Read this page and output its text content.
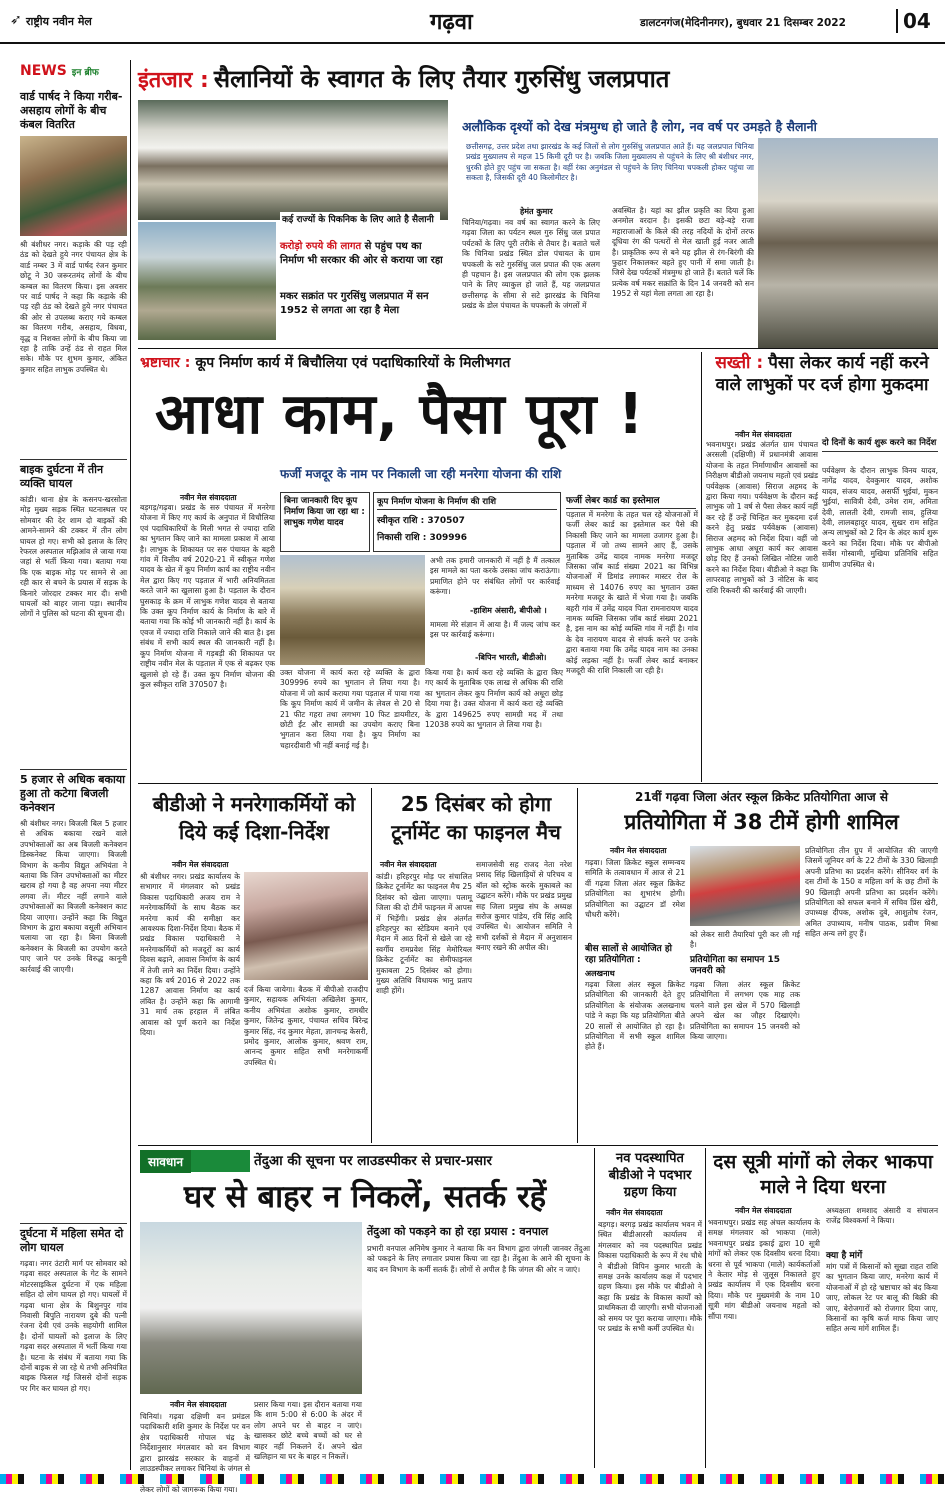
➶ राष्ट्रीय नवीन मेल	गढ़वा	डालटनगंज(मेदिनीनगर), बुधवार 21 दिसम्बर 2022	04
NEWS इन ब्रीफ
वार्ड पार्षद ने किया गरीब-असहाय लोगों के बीच कंबल वितरित
श्री बंशीधर नगर। कड़ाके की पड़ रही ठंड को देखते हुये नगर पंचायत क्षेत्र के वार्ड नम्बर 3 में वार्ड पार्षद रंजन कुमार छोटू ने 30 जरूरतमंद लोगों के बीच कम्बल का वितरण किया। इस अवसर पर वार्ड पार्षद ने कहा कि कड़ाके की पड़ रही ठंड को देखते हुये नगर पंचायत की ओर से उपलब्ध कराए गये कम्बल का वितरण गरीब, असहाय, विधवा, वृद्ध व निशक्त लोगों के बीच किया जा रहा है ताकि उन्हें ठंड से राहत मिल सके। मौके पर शुभम कुमार, अंकित कुमार सहित लाभुक उपस्थित थे।
बाइक दुर्घटना में तीन व्यक्ति घायल
कांडी। थाना क्षेत्र के कसनप-खरसोता मोड़ मुख्य सड़क स्थित घटनास्थल पर सोमवार की देर शाम दो बाइकों की आमने-सामने की टक्कर में तीन लोग घायल हो गए। सभी को इलाज के लिए रेफरल अस्पताल मझिआंव ले जाया गया जहां से भर्ती किया गया। बताया गया कि एक बाइक मोड़ पर सामने से आ रही कार से बचने के प्रयास में सड़क के किनारे जोरदार टक्कर मार दी। सभी घायलों को बाहर जाना पड़ा। स्थानीय लोगों ने पुलिस को घटना की सूचना दी।
5 हजार से अधिक बकाया हुआ तो कटेगा बिजली कनेक्शन
श्री बंशीधर नगर। बिजली बिल 5 हजार से अधिक बकाया रखने वाले उपभोक्ताओं का अब बिजली कनेक्शन डिस्कनेक्ट किया जाएगा। बिजली विभाग के कनीय विद्युत अभियंता ने बताया कि जिन उपभोक्ताओं का मीटर खराब हो गया है वह अपना नया मीटर लगवा लें। मीटर नहीं लगाने वाले उपभोक्ताओं का बिजली कनेक्शन काट दिया जाएगा। उन्होंने कहा कि विद्युत विभाग के द्वारा बकाया वसूली अभियान चलाया जा रहा है। बिना बिजली कनेक्शन के बिजली का उपयोग करते पाए जाने पर उनके विरुद्ध कानूनी कार्रवाई की जाएगी।
दुर्घटना में महिला समेत दो लोग घायल
गढ़वा। नगर उंटारी मार्ग पर सोमवार को गढ़वा सदर अस्पताल के गेट के सामने मोटरसाइकिल दुर्घटना में एक महिला सहित दो लोग घायल हो गए। घायलों में गढ़वा थाना क्षेत्र के बिशुनपुर गांव निवासी बिपुति नारायण दुबे की पत्नी रंजना देवी एवं उनके सहयोगी शामिल है। दोनों घायलों को इलाज के लिए गढ़वा सदर अस्पताल में भर्ती किया गया है। घटना के संबंध में बताया गया कि दोनों बाइक से जा रहे थे तभी अनियंत्रित बाइक फिसल गई जिससे दोनों सड़क पर गिर कर घायल हो गए।
इंतजार : सैलानियों के स्वागत के लिए तैयार गुरुसिंधु जलप्रपात
अलौकिक दृश्यों को देख मंत्रमुग्ध हो जाते है लोग, नव वर्ष पर उमड़ते है सैलानी
कई राज्यों के पिकनिक के लिए आते है सैलानी
करोड़ो रुपये की लागत से पहुंच पथ का निर्माण भी सरकार की ओर से कराया जा रहा
मकर सक्रांत पर गुरसिंधु जलप्रपात में सन 1952 से लगता आ रहा है मेला
छत्तीसगढ़, उत्तर प्रदेश तथा झारखंड के कई जिलों से लोग गुरुसिंधु जलप्रपात आते हैं। यह जलप्रपात चिनिया प्रखंड मुख्यालय से महज 15 किमी दूरी पर है। जबकि जिला मुख्यालय से पहुंचने के लिए श्री बंशीधर नगर, धुरकी होते हुए पहुंच जा सकता है। वहीं रंका अनुमंडल से पहुंचने के लिए चिनिया चपकली होकर पहुंचा जा सकता है, जिसकी दूरी 40 किलोमीटर है।
हेमंत कुमार
चिनिया/गढ़वा। नव वर्ष का स्वागत करने के लिए गढ़वा जिला का पर्यटन स्थल गुरु सिंधु जल प्रपात पर्यटकों के लिए पूरी तरीके से तैयार है। बताते चलें कि चिनिया प्रखंड स्थित डोल पंचायत के ग्राम चपकली के सटे गुरुसिंधु जल प्रपात की एक अलग ही पहचान है। इस जलप्रपात की लोग एक झलक पाने के लिए व्याकुल हो जाते हैं, यह जलप्रपात छत्तीसगढ़ के सीमा से सटे झारखंड के चिनिया प्रखंड के डोल पंचायत के चपकली के जंगलों में
अवस्थित है। यहां का झील प्रकृति का दिया हुआ अनमोल वरदान है। इसकी छटा बड़े-बड़े राजा महाराजाओं के किले की तरह नदियों के दोनों तरफ दूधिया रंग की पत्थरों से मेल खाती हुई नजर आती है। प्राकृतिक रूप से बने यह झील से रंग-बिरंगी की फुहार निकालकर बहते हुए पानी में समा जाती है। जिसे देख पर्यटकों मंत्रमुग्ध हो जाते हैं। बताते चलें कि प्रत्येक वर्ष मकर सक्रांति के दिन 14 जनवरी को सन 1952 से यहां मेला लगता आ रहा है।
भ्रष्टाचार : कूप निर्माण कार्य में बिचौलिया एवं पदाधिकारियों के मिलीभगत
आधा काम, पैसा पूरा !
फर्जी मजदूर के नाम पर निकाली जा रही मनरेगा योजना की राशि
नवीन मेल संवाददाता
बड़गड़/गढ़वा। प्रखंड के सरु पंचायत में मनरेगा योजना में किए गए कार्य के अनुपात में विचौलिया एवं पदाधिकारियों के मिली भगत से ज्यादा राशि का भुगतान किए जाने का मामला प्रकाश में आया है। लाभुक के शिकायत पर सरु पंचायत के बहरी गांव में वित्तीय वर्ष 2020-21 में स्वीकृत गणेश यादव के खेत में कूप निर्माण कार्य का राष्ट्रीय नवीन मेल द्वारा किए गए पड़ताल में भारी अनियमितता करते जाने का खुलासा हुआ है। पड़ताल के दौरान घुसकाड़ के क्रम में लाभुक गणेश यादव से बताया कि उक्त कूप निर्माण कार्य के निर्माण के बारे में बताया गया कि कोई भी जानकारी नहीं है। कार्य के एवज में ज्यादा राशि निकाले जाने की बात है। इस संबंध में सभी कार्य स्थल की जानकारी नहीं है। कूप निर्माण योजना में गड़बड़ी की शिकायत पर राष्ट्रीय नवीन मेल के पड़ताल में एक से बढ़कर एक खुलासे हो रहे हैं। उक्त कूप निर्माण योजना की कुल स्वीकृत राशि 370507 है।
बिना जानकारी दिए कूप निर्माण किया जा रहा था : लाभुक गणेश यादव
कूप निर्माण योजना के निर्माण की राशि
स्वीकृत राशि : 370507
निकासी राशि : 309996
अभी तक हमारी जानकारी में नहीं है मैं तत्काल इस मामले का पता करके उसका जांच कराऊंगा। प्रमाणित होने पर संबंधित लोगों पर कार्रवाई करूंगा।
-हाशिम अंसारी, बीपीओ ।
मामला मेरे संज्ञान में आया है। मैं जल्द जांच कर इस पर कार्रवाई करूंगा।
-बिपिन भारती, बीडीओ।
उक्त योजना में कार्य करा रहे व्यक्ति के द्वारा 309996 रुपये का भुगतान ले लिया गया है। योजना में जो कार्य कराया गया पड़ताल में पाया गया कि कूप निर्माण कार्य में जमीन के लेवल से 20 से 21 फीट गहरा तथा लगभग 10 फिट डायमीटर, छोटी ईंट और सामग्री का उपयोग कराए बिना भुगतान करा लिया गया है। कूप निर्माण का चहारदीवारी भी नहीं बनाई गई है।
किया गया है। कार्य करा रहे व्यक्ति के द्वारा किए गए कार्य के मुताबिक एक लाख से अधिक की राशि का भुगतान लेकर कूप निर्माण कार्य को अधूरा छोड़ दिया गया है। उक्त योजना में कार्य करा रहे व्यक्ति के द्वारा 149625 रुपए सामग्री मद में तथा 12038 रुपये का भुगतान ले लिया गया है।
फर्जी लेबर कार्ड का इस्तेमाल
पड़ताल में मनरेगा के तहत चल रहे योजनाओं में फर्जी लेबर कार्ड का इस्तेमाल कर पैसे की निकासी किए जाने का मामला उजागर हुआ है। पड़ताल में जो तथ्य सामने आए हैं, उसके मुताबिक उमेंद्र यादव नामक मनरेगा मजदूर जिसका जॉब कार्ड संख्या 2021 का विभिन्न योजनाओं में डिमांड लगाकर मास्टर रोल के माध्यम से 14076 रुपए का भुगतान उक्त मनरेगा मजदूर के खाते में भेजा गया है। जबकि बहरी गांव में उमेंद्र यादव पिता रामनारायण यादव नामक व्यक्ति जिसका जॉब कार्ड संख्या 2021 है, इस नाम का कोई व्यक्ति गांव में नहीं है। गांव के देव नारायण यादव से संपर्क करने पर उनके द्वारा बताया गया कि उमेंद्र यादव नाम का उनका कोई लड़का नहीं है। फर्जी लेबर कार्ड बनाकर मजदूरी की राशि निकाली जा रही है।
सख्ती : पैसा लेकर कार्य नहीं करने वाले लाभुकों पर दर्ज होगा मुकदमा
नवीन मेल संवाददाता
भवनाथपुर। प्रखंड अंतर्गत ग्राम पंचायत अरसली (दक्षिणी) में प्रधानमंत्री आवास योजना के तहत निर्माणाधीन आवासों का निरीक्षण बीडीओ जयनाथ महतो एवं प्रखंड पर्यवेक्षक (आवास) सिराज अहमद के द्वारा किया गया। पर्यवेक्षण के दौरान कई लाभुक जो 1 वर्ष से पैसा लेकर कार्य नहीं कर रहे हैं उन्हें चिन्हित कर मुकदमा दर्ज करने हेतु प्रखंड पर्यवेक्षक (आवास) सिराज अहमद को निर्देश दिया। वहीं जो लाभुक आधा अधूरा कार्य कर आवास छोड़ दिए हैं उनको लिखित नोटिस जारी करने का निर्देश दिया। बीडीओ ने कहा कि लापरवाह लाभुकों को 3 नोटिस के बाद राशि रिकवरी की कार्रवाई की जाएगी।
दो दिनों के कार्य शुरू करने का निर्देश
पर्यवेक्षण के दौरान लाभुक विनय यादव, नागेंद्र यादव, देवकुमार यादव, अशोक यादव, संजय यादव, असर्फी भुईयां, मुकन भुईयां, सावित्री देवी, उमेश राम, अमिता देवी, लालती देवी, रामजी साव, हुलिया देवी, लालबहादुर यादव, सुखर राम सहित अन्य लाभुकों को 2 दिन के अंदर कार्य शुरू करने का निर्देश दिया। मौके पर बीपीओ सर्वेश गोस्वामी, मुखिया प्रतिनिधि सहित ग्रामीण उपस्थित थे।
बीडीओ ने मनरेगाकर्मियों को दिये कई दिशा-निर्देश
नवीन मेल संवाददाता
श्री बंशीधर नगर। प्रखंड कार्यालय के सभागार में मंगलवार को प्रखंड विकास पदाधिकारी अजय राम ने मनरेगाकर्मियों के साथ बैठक कर मनरेगा कार्य की समीक्षा कर आवश्यक दिशा-निर्देश दिया। बैठक में प्रखंड विकास पदाधिकारी ने मनरेगाकर्मियों को मजदूरों का कार्य दिवस बढ़ाने, आवास निर्माण के कार्य में तेजी लाने का निर्देश दिया। उन्होंने कहा कि वर्ष 2016 से 2022 तक 1287 आवास निर्माण का कार्य लंबित है। उन्होंने कहा कि आगामी 31 मार्च तक हरहाल में लंबित आवास को पूर्ण कराने का निर्देश दिया।
दर्ज किया जायेगा। बैठक में बीपीओ राजदीप कुमार, सहायक अभियंता अखिलेश कुमार, कनीय अभियंता अशोक कुमार, रामधीर कुमार, जितेन्द्र कुमार, पंचायत सचिव बिरेन्द्र कुमार सिंह, नंद कुमार मेहता, ज्ञानचन्द्र केसरी, प्रमोद कुमार, आलोक कुमार, श्रवण राम, आनन्द कुमार सहित सभी मनरेगाकर्मी उपस्थित थे।
25 दिसंबर को होगा टूर्नामेंट का फाइनल मैच
नवीन मेल संवाददाता
कांडी। हरिहरपुर मोड़ पर संचालित क्रिकेट टूर्नामेंट का फाइनल मैच 25 दिसंबर को खेला जाएगा। पलामू जिला की दो टीमें फाइनल में आपस में भिड़ेंगी। प्रखंड क्षेत्र अंतर्गत हरिहरपुर का स्टेडियम बनाने एवं मैदान में आठ दिनों से खेले जा रहे स्वर्गीय रामप्रवेश सिंह मेमोरियल क्रिकेट टूर्नामेंट का सेमीफाइनल मुकाबला 25 दिसंबर को होगा। मुख्य अतिथि विधायक भानु प्रताप शाही होंगे।
समाजसेवी सह राजद नेता नरेश प्रसाद सिंह खिलाड़ियों से परिचय व बॉल को स्ट्रोक करके मुकाबले का उद्घाटन करेंगे। मौके पर प्रखंड प्रमुख सह जिला प्रमुख संघ के अध्यक्ष सरोज कुमार पांडेय, रवि सिंह आदि उपस्थित थे। आयोजन समिति ने सभी दर्शकों से मैदान में अनुशासन बनाए रखने की अपील की।
21वीं गढ़वा जिला अंतर स्कूल क्रिकेट प्रतियोगिता आज से
प्रतियोगिता में 38 टीमें होगी शामिल
नवीन मेल संवाददाता
गढ़वा। जिला क्रिकेट स्कूल सम्मन्वय समिति के तत्वावधान में आज से 21 वीं गढ़वा जिला अंतर स्कूल क्रिकेट प्रतियोगिता का शुभारंभ होगी। प्रतियोगिता का उद्घाटन डॉ रमेश चौधरी करेंगे।
बीस सालों से आयोजित हो रहा प्रतियोगिता :
अलखनाथ
गढ़वा जिला अंतर स्कूल क्रिकेट प्रतियोगिता की जानकारी देते हुए प्रतियोगिता के संयोजक अलखनाथ पांडे ने कहा कि यह प्रतियोगिता बीते 20 सालों से आयोजित हो रहा है। प्रतियोगिता में सभी स्कूल शामिल होते हैं।
को लेकर सारी तैयारियां पूरी कर ली गई है।
प्रतियोगिता का समापन 15 जनवरी को
गढ़वा जिला अंतर स्कूल क्रिकेट प्रतियोगिता में लगभग एक माह तक चलने वाले इस खेल में 570 खिलाड़ी अपने खेल का जौहर दिखाएंगे। प्रतियोगिता का समापन 15 जनवरी को किया जाएगा।
प्रतियोगिता तीन ग्रुप में आयोजित की जाएगी जिसमें जूनियर वर्ग के 22 टीमों के 330 खिलाड़ी अपनी प्रतिभा का प्रदर्शन करेंगे। सीनियर वर्ग के दस टीमों के 150 व महिला वर्ग के छह टीमों के 90 खिलाड़ी अपनी प्रतिभा का प्रदर्शन करेंगे। प्रतियोगिता को सफल बनाने में सचिव प्रिंस खेरी, उपाध्यक्ष दीपक, अशोक दुबे, आशुतोष रंजन, अमित उपाध्याय, मनीष पाठक, प्रवीण मिश्रा सहित अन्य लगे हुए हैं।
सावधान	तेंदुआ की सूचना पर लाउडस्पीकर से प्रचार-प्रसार
घर से बाहर न निकलें, सतर्क रहें
तेंदुआ को पकड़ने का हो रहा प्रयास : वनपाल
प्रभारी वनपाल अनिमेष कुमार ने बताया कि वन विभाग द्वारा जंगली जानवर तेंदुआ को पकड़ने के लिए लगातार प्रयास किया जा रहा है। तेंदुआ के आने की सूचना के बाद वन विभाग के कर्मी सतर्क हैं। लोगों से अपील है कि जंगल की ओर न जाएं।
नवीन मेल संवाददाता
चिनियां। गढ़वा दक्षिणी वन प्रमंडल पदाधिकारी शशि कुमार के निर्देश पर वन क्षेत्र पदाधिकारी गोपाल चंद्र के निर्देशानुसार मंगलवार को वन विभाग द्वारा झारखंड सरकार के वाहनों में लाउडस्पीकर लगाकर चिनियां के जंगल से लेकर लोगों को जागरूक किया गया।
प्रसार किया गया। इस दौरान बताया गया कि शाम 5:00 से 6:00 के अंदर में लोग अपने घर से बाहर न जाएं। खासकर छोटे बच्चे बच्चों को घर से बाहर नहीं निकलने दें। अपने खेत खलिहान या घर के बाहर न निकलें।
नव पदस्थापित बीडीओ ने पदभार ग्रहण किया
नवीन मेल संवाददाता
बड़गड़। बरगड़ प्रखंड कार्यालय भवन में स्थित बीडीआरसी कार्यालय में मंगलवार को नव पदस्थापित प्रखंड विकास पदाधिकारी के रूप में रंथ चौधे ने बीडीओ विपिन कुमार भारती के समक्ष उनके कार्यालय कक्ष में पदभार ग्रहण किया। इस मौके पर बीडीओ ने कहा कि प्रखंड के विकास कार्यों को प्राथमिकता दी जाएगी। सभी योजनाओं को समय पर पूरा कराया जाएगा। मौके पर प्रखंड के सभी कर्मी उपस्थित थे।
दस सूत्री मांगों को लेकर भाकपा माले ने दिया धरना
नवीन मेल संवाददाता
भवनाथपुर। प्रखंड सह अंचल कार्यालय के समक्ष मंगलवार को भाकपा (माले) भवनाथपुर प्रखंड इकाई द्वारा 10 सूत्री मांगों को लेकर एक दिवसीय धरना दिया। धरना से पूर्व भाकपा (माले) कार्यकर्ताओं ने केतार मोड़ से जुलूस निकालते हुए प्रखंड कार्यालय में एक दिवसीय धरना दिया। मौके पर मुख्यमंत्री के नाम 10 सूत्री मांग बीडीओ जयनाथ महतो को सौंपा गया।
अध्यक्षता शमशाद अंसारी व संचालन राजेंद्र विश्वकर्मा ने किया।
क्या है मांगें
मांग पत्रों में किसानों को सूखा राहत राशि का भुगतान किया जाए, मनरेगा कार्य में योजनाओं में हो रहे भ्रष्टाचार को बंद किया जाए, लोकल रेट पर बालू की बिक्री की जाए, बेरोजगारों को रोजगार दिया जाए, किसानों का कृषि कर्ज माफ किया जाए सहित अन्य मांगें शामिल हैं।
